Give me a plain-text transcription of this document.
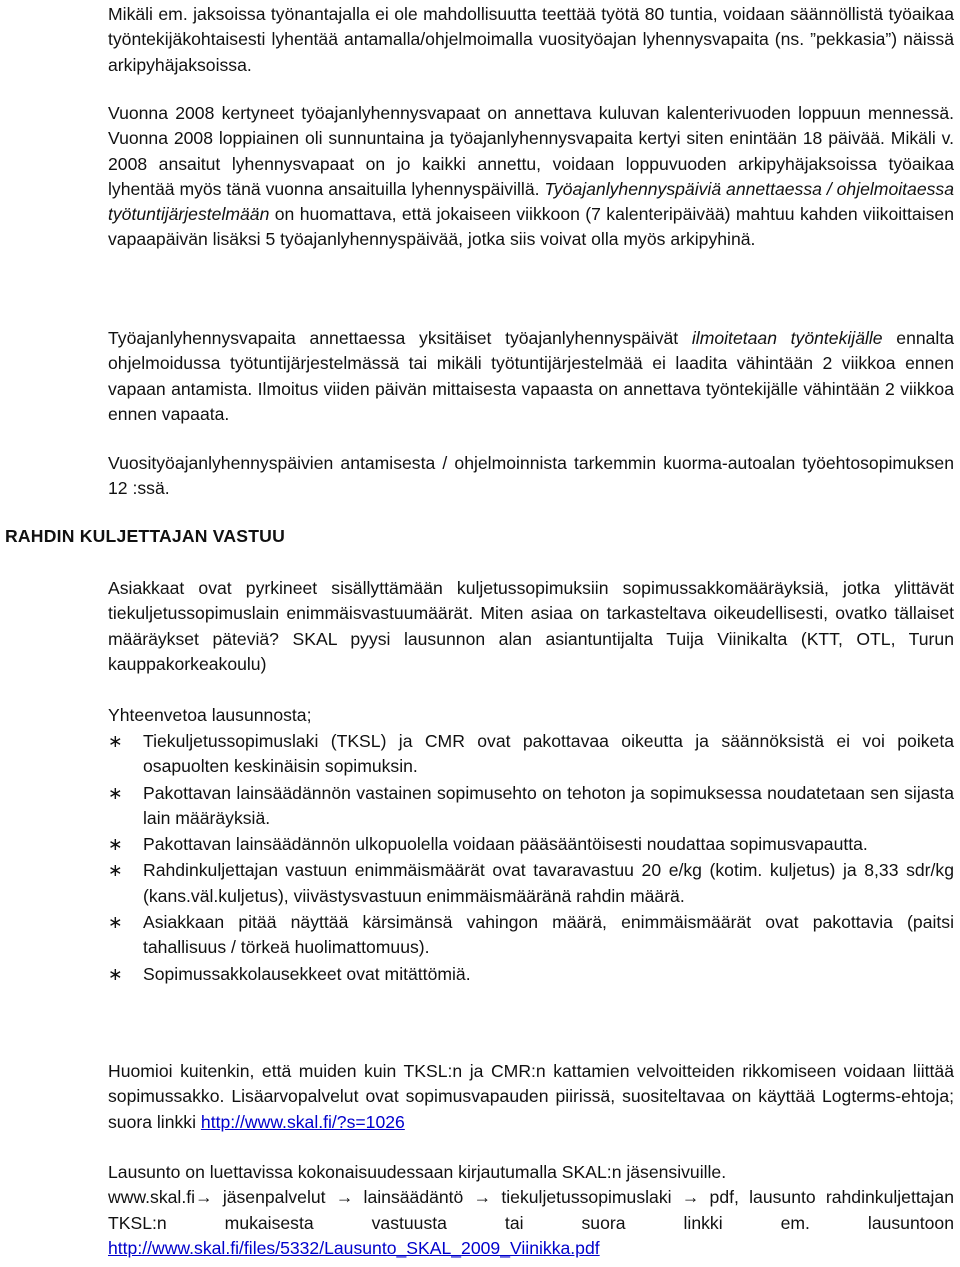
Mikäli em. jaksoissa työnantajalla ei ole mahdollisuutta teettää työtä 80 tuntia, voidaan säännöllistä työaikaa työntekijäkohtaisesti lyhentää antamalla/ohjelmoimalla vuosityöajan lyhennysvapaita (ns. ”pekkasia”) näissä arkipyhäjaksoissa.

Vuonna 2008 kertyneet työajanlyhennysvapaat on annettava kuluvan kalenterivuoden loppuun mennessä. Vuonna 2008 loppiainen oli sunnuntaina ja työajanlyhennysvapaita kertyi siten enintään 18 päivää. Mikäli v. 2008 ansaitut lyhennysvapaat on jo kaikki annettu, voidaan loppuvuoden arkipyhäjaksoissa työaikaa lyhentää myös tänä vuonna ansaituilla lyhennyspäivillä. Työajanlyhennyspäiviä annettaessa / ohjelmoitaessa työtuntijärjestelmään on huomattava, että jokaiseen viikkoon (7 kalenteripäivää) mahtuu kahden viikoittaisen vapaapäivän lisäksi 5 työajanlyhennyspäivää, jotka siis voivat olla myös arkipyhinä.

Työajanlyhennysvapaita annettaessa yksitäiset työajanlyhennyspäivät ilmoitetaan työntekijälle ennalta ohjelmoidussa työtuntijärjestelmässä tai mikäli työtuntijärjestelmää ei laadita vähintään 2 viikkoa ennen vapaan antamista. Ilmoitus viiden päivän mittaisesta vapaasta on annettava työntekijälle vähintään 2 viikkoa ennen vapaata.

Vuosityöajanlyhennyspäivien antamisesta / ohjelmoinnista tarkemmin kuorma-autoalan työehtosopimuksen 12 :ssä.

RAHDIN KULJETTAJAN VASTUU

Asiakkaat ovat pyrkineet sisällyttämään kuljetussopimuksiin sopimussakkomääräyksiä, jotka ylittävät tiekuljetussopimuslain enimmäisvastuumäärät. Miten asiaa on tarkasteltava oikeudellisesti, ovatko tällaiset määräykset päteviä? SKAL pyysi lausunnon alan asiantuntijalta Tuija Viinikalta (KTT, OTL, Turun kauppakorkeakoulu)

Yhteenvetoa lausunnosta;

∗ Tiekuljetussopimuslaki (TKSL) ja CMR ovat pakottavaa oikeutta ja säännöksistä ei voi poiketa osapuolten keskinäisin sopimuksin.
∗ Pakottavan lainsäädännön vastainen sopimusehto on tehoton ja sopimuksessa noudatetaan sen sijasta lain määräyksiä.
∗ Pakottavan lainsäädännön ulkopuolella voidaan pääsääntöisesti noudattaa sopimusvapautta.
∗ Rahdinkuljettajan vastuun enimmäismäärät ovat tavaravastuu 20 e/kg (kotim. kuljetus) ja 8,33 sdr/kg (kans.väl.kuljetus), viivästysvastuun enimmäismääränä rahdin määrä.
∗ Asiakkaan pitää näyttää kärsimänsä vahingon määrä, enimmäismäärät ovat pakottavia (paitsi tahallisuus / törkeä huolimattomuus).
∗ Sopimussakkolausekkeet ovat mitättömiä.

Huomioi kuitenkin, että muiden kuin TKSL:n ja CMR:n kattamien velvoitteiden rikkomiseen voidaan liittää sopimussakko. Lisäarvopalvelut ovat sopimusvapauden piirissä, suositeltavaa on käyttää Logterms-ehtoja; suora linkki http://www.skal.fi/?s=1026

Lausunto on luettavissa kokonaisuudessaan kirjautumalla SKAL:n jäsensivuille.
www.skal.fi→ jäsenpalvelut → lainsäädäntö → tiekuljetussopimuslaki → pdf, lausunto rahdinkuljettajan TKSL:n mukaisesta vastuusta tai suora linkki em. lausuntoon http://www.skal.fi/files/5332/Lausunto_SKAL_2009_Viinikka.pdf
